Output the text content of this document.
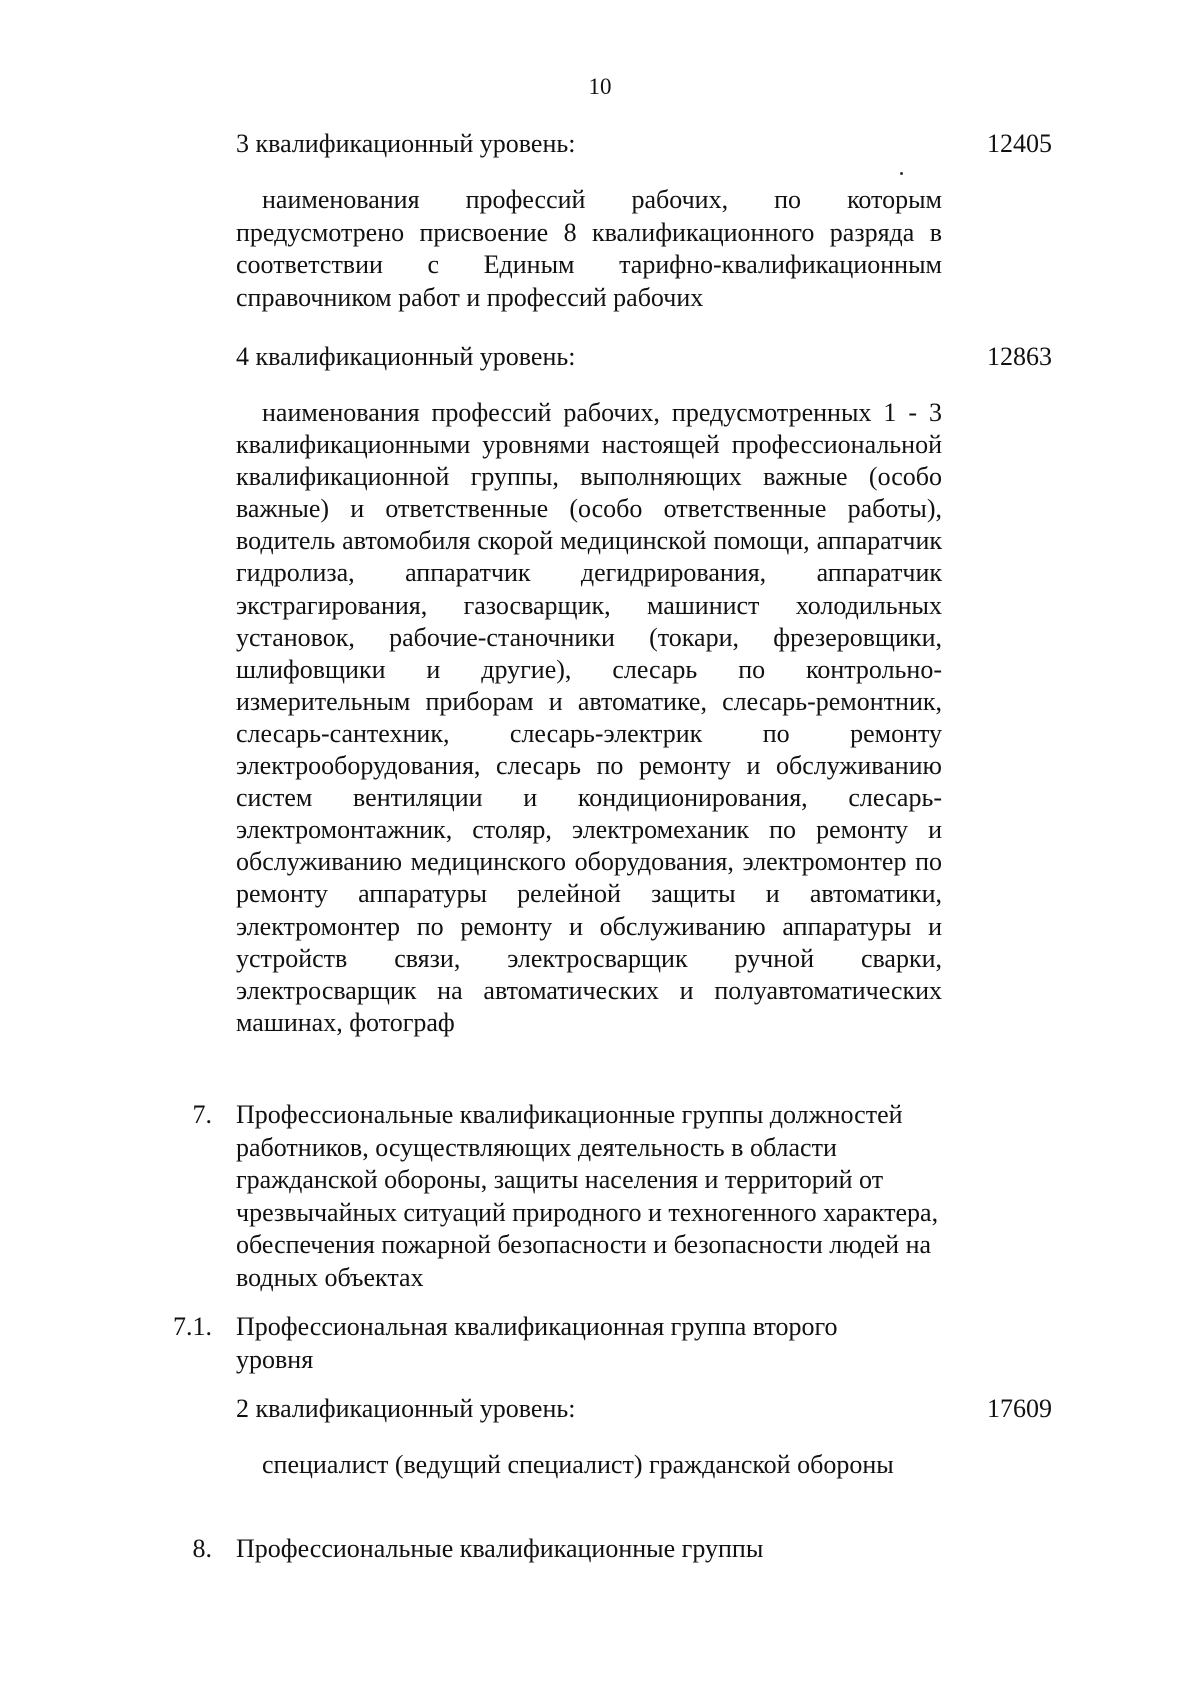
10
3 квалификационный уровень:	12405
наименования профессий рабочих, по которым предусмотрено присвоение 8 квалификационного разряда в соответствии с Единым тарифно-квалификационным справочником работ и профессий рабочих
4 квалификационный уровень:	12863
наименования профессий рабочих, предусмотренных 1 - 3 квалификационными уровнями настоящей профессиональной квалификационной группы, выполняющих важные (особо важные) и ответственные (особо ответственные работы), водитель автомобиля скорой медицинской помощи, аппаратчик гидролиза, аппаратчик дегидрирования, аппаратчик экстрагирования, газосварщик, машинист холодильных установок, рабочие-станочники (токари, фрезеровщики, шлифовщики и другие), слесарь по контрольно-измерительным приборам и автоматике, слесарь-ремонтник, слесарь-сантехник, слесарь-электрик по ремонту электрооборудования, слесарь по ремонту и обслуживанию систем вентиляции и кондиционирования, слесарь-электромонтажник, столяр, электромеханик по ремонту и обслуживанию медицинского оборудования, электромонтер по ремонту аппаратуры релейной защиты и автоматики, электромонтер по ремонту и обслуживанию аппаратуры и устройств связи, электросварщик ручной сварки, электросварщик на автоматических и полуавтоматических машинах, фотограф
7. Профессиональные квалификационные группы должностей работников, осуществляющих деятельность в области гражданской обороны, защиты населения и территорий от чрезвычайных ситуаций природного и техногенного характера, обеспечения пожарной безопасности и безопасности людей на водных объектах
7.1. Профессиональная квалификационная группа второго уровня
2 квалификационный уровень:	17609
специалист (ведущий специалист) гражданской обороны
8. Профессиональные квалификационные группы
